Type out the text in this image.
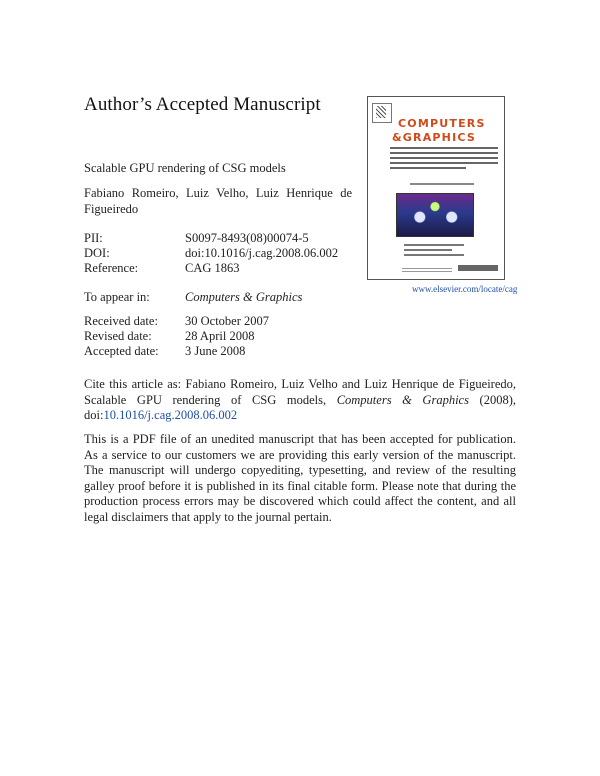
Author’s Accepted Manuscript
Scalable GPU rendering of CSG models
Fabiano Romeiro, Luiz Velho, Luiz Henrique de Figueiredo
PII:	S0097-8493(08)00074-5
DOI:	doi:10.1016/j.cag.2008.06.002
Reference:	CAG 1863
To appear in:	Computers & Graphics
Received date: 30 October 2007
Revised date:	28 April 2008
Accepted date: 3 June 2008
Cite this article as: Fabiano Romeiro, Luiz Velho and Luiz Henrique de Figueiredo, Scalable GPU rendering of CSG models, Computers & Graphics (2008), doi:10.1016/j.cag.2008.06.002
This is a PDF file of an unedited manuscript that has been accepted for publication. As a service to our customers we are providing this early version of the manuscript. The manuscript will undergo copyediting, typesetting, and review of the resulting galley proof before it is published in its final citable form. Please note that during the production process errors may be discovered which could affect the content, and all legal disclaimers that apply to the journal pertain.
COMPUTERS
&GRAPHICS
www.elsevier.com/locate/cag
